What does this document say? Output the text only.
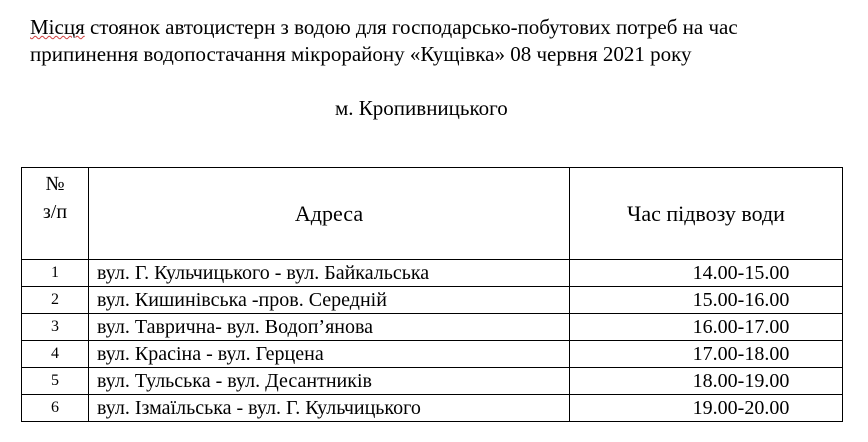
Місця стоянок автоцистерн з водою для господарсько-побутових потреб на час
припинення водопостачання мікрорайону «Кущівка» 08 червня 2021 року
м. Кропивницького
№
з/п	Адреса	Час підвозу води
1	вул. Г. Кульчицького - вул. Байкальська	14.00-15.00
2	вул. Кишинівська -пров. Середній	15.00-16.00
3	вул. Таврична- вул. Водоп’янова	16.00-17.00
4	вул. Красіна - вул. Герцена	17.00-18.00
5	вул. Тульська - вул. Десантників	18.00-19.00
6	вул. Ізмаїльська - вул. Г. Кульчицького	19.00-20.00
